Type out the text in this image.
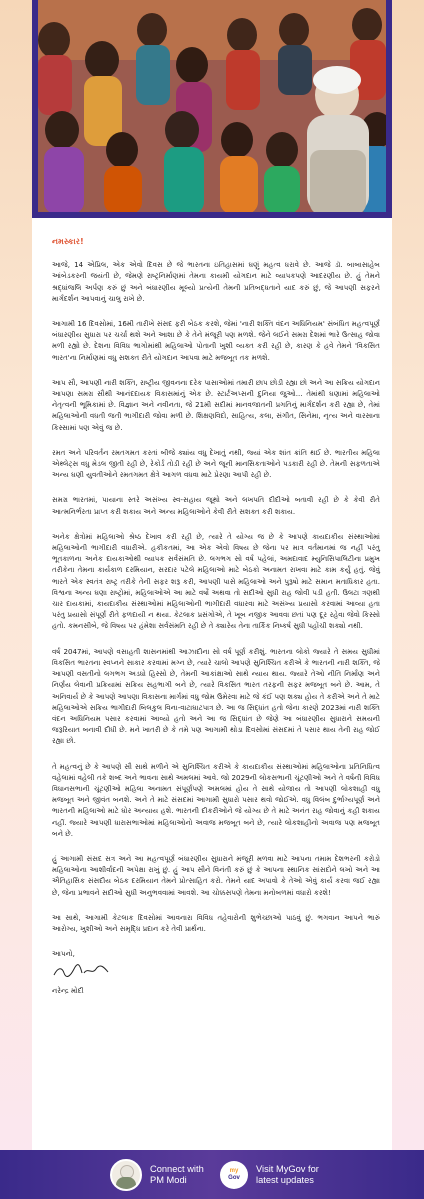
નમસ્કાર!

આજે, 14 એપ્રિલ, એક એવો દિવસ છે જે ભારતના ઇતિહાસમાં ઘણું મહત્વ ધરાવે છે. આજે ડૉ. બાબાસાહેબ આંબેડકરની જયંતી છે, જેમણે રાષ્ટ્રનિર્માણમાં તેમના કાયમી યોગદાન માટે વ્યાપકપણે આદરણીય છે. હું તેમને શ્રદ્ધાંજલિ અર્પણ કરું છું અને બંધારણીય મૂલ્યો પ્રત્યેની તેમની પ્રતિબદ્ધતાને યાદ કરું છું, જે આપણી સફરને માર્ગદર્શન આપવાનું ચાલુ રાખે છે.

આગામી 16 દિવસોમાં, 16મી તારીખે સંસદ ફરી બેઠક કરશે, જેમાં 'નારી શક્તિ વંદન અધિનિયમ' સંબંધિત મહત્વપૂર્ણ બંધારણીય સુધારા પર ચર્ચા થશે અને આશા છે કે તેને મંજૂરી પણ મળશે. જેને લઈને સમગ્ર દેશમાં ભારે ઉત્સાહ જોવા મળી રહ્યો છે. દેશના વિવિધ ભાગોમાંથી મહિલાઓ પોતાની ખુશી વ્યક્ત કરી રહી છે, કારણ કે હવે તેમને 'વિકસિત ભારત'ના નિર્માણમાં વધુ સશક્ત રીતે યોગદાન આપવા માટે મજબૂત તક મળશે.

આપ સૌ, આપણી નારી શક્તિ, રાષ્ટ્રીય જીવનના દરેક પાસાઓમાં તમારી છાપ છોડી રહ્યા છો અને આ સક્રિય યોગદાન આપણા સમગ્ર સૌથી આનંદદાયક વિકાસમાંનું એક છે. સ્ટાર્ટઅપ્સની દુનિયા જુઓ... તેમાંથી ઘણામાં મહિલાઓ નેતૃત્વની ભૂમિકામાં છે. વિજ્ઞાન અને નવીનતા, જે 21મી સદીમાં માનવજાતની પ્રગતિનું માર્ગદર્શન કરી રહ્યા છે, તેમાં મહિલાઓની વધતી જતી ભાગીદારી જોવા મળી છે. શિક્ષણવિદો, સાહિત્ય, કલા, સંગીત, સિનેમા, નૃત્ય અને વારસાના કિસ્સામાં પણ એવું જ છે.

રમત અને પરિવર્તન રમતગમત કરતાં બીજે ક્યાંય વધુ દેખાતું નથી, જ્યાં એક શાંત ક્રાંતિ થઈ છે. ભારતીય મહિલા એથ્લેટ્સ વધુ મેડલ જીતી રહી છે, રેકોર્ડ તોડી રહી છે અને જૂની માનસિકતાઓને પડકારી રહી છે. તેમની સફળતાએ અન્ય ઘણી યુવતીઓને રમતગમત ક્ષેત્રે આગળ વધવા માટે પ્રેરણા આપી રહી છે.

સમગ્ર ભારતમાં, પાયાના સ્તરે અસંખ્ય સ્વ-સહાય જૂથો અને લખપતિ દીદીઓ બતાવી રહી છે કે કેવી રીતે આત્મનિર્ભરતા પ્રાપ્ત કરી શકાય અને અન્ય મહિલાઓને કેવી રીતે સશક્ત કરી શકાય.

અનેક ક્ષેત્રોમાં મહિલાઓ શ્રેષ્ઠ દેખાવ કરી રહી છે, ત્યારે તે યોગ્ય જ છે કે આપણે કાયદાકીય સંસ્થાઓમાં મહિલાઓની ભાગીદારી વધારીએ. હકીકતમાં, આ એક એવો વિષય છે જેના પર માત્ર વર્તમાનમાં જ નહીં પરંતુ ભૂતકાળના અનેક દાયકાઓથી વ્યાપક સર્વસંમતિ છે. લગભગ સો વર્ષ પહેલાં, અમદાવાદ મ્યુનિસિપાલિટીના પ્રમુખ તરીકેના તેમના કાર્યકાળ દરમિયાન, સરદાર પટેલે મહિલાઓ માટે બેઠકો અનામત રાખવા માટે કામ કર્યું હતું. જેવું ભારતે એક સ્વતંત્ર રાષ્ટ્ર તરીકે તેની સફર શરૂ કરી, આપણી પાસે મહિલાઓ અને પુરૂષો માટે સમાન મતાધિકાર હતા. વિશ્વના અન્ય ઘણા રાષ્ટ્રોમાં, મહિલાઓએ આ માટે વર્ષો અથવા તો સદીઓ સુધી રાહ જોવી પડી હતી. ઉલટા ત્રણથી ચાર દાયકામાં, કાયદાકીય સંસ્થાઓમાં મહિલાઓની ભાગીદારી વધારવા માટે અસંખ્ય પ્રયાસો કરવામાં આવ્યા હતા પરંતુ પ્રયાસો સંપૂર્ણ રીતે ફળદાયી ન થયા. કેટલાક પ્રસંગોએ, તે ખૂબ નજીક આવવા છતાં પણ દૂર રહેવા જેવો કિસ્સો હતો. કમનસીબે, જે વિષય પર હંમેશા સર્વસંમતિ રહી છે તે ક્યારેય તેના તાર્કિક નિષ્કર્ષ સુધી પહોંચી શક્યો નથી.

વર્ષ 2047માં, આપણે વસાહતી શાસનમાંથી આઝાદીના સો વર્ષ પૂર્ણ કરીશું. ભારતના લોકો જ્યારે તે સમય સુધીમાં વિકસિત ભારતના સ્વપ્નને સાકાર કરવામાં મગ્ન છે, ત્યારે ચાલો આપણે સુનિશ્ચિત કરીએ કે ભારતની નારી શક્તિ, જે આપણી વસતીનો લગભગ અડધો હિસ્સો છે, તેમની આકાંક્ષાઓ સાથે ન્યાય થાય. જ્યારે તેઓ નીતિ નિર્માણ અને નિર્ણય લેવાની પ્રક્રિયામાં સક્રિય સહભાગી બને છે, ત્યારે વિકસિત ભારત તરફની સફર મજબૂત બને છે. આમ, તે અનિવાર્ય છે કે આપણે આપણા વિકાસના માર્ગમાં વધુ જોમ ઉમેરવા માટે જે કંઈ પણ શક્ય હોય તે કરીએ અને તે માટે મહિલાઓએ સક્રિય ભાગીદારી બિલકુલ વિના-વાટાઘાટપાત્ર છે. આ જ સિદ્ધાંત હતો જેના કારણે 2023માં નારી શક્તિ વંદન અધિનિયમ પસાર કરવામાં આવ્યો હતો અને આ જ સિદ્ધાંત છે જેણે આ બંધારણીય સુધારાને સમયની જરૂરિયાત બનાવી દીધી છે. મને ખાતરી છે કે તમે પણ આગામી થોડા દિવસોમાં સંસદમાં તે પસાર થાય તેની રાહ જોઈ રહ્યા છો.

તે મહત્વનું છે કે આપણે સૌ સાથે મળીને એ સુનિશ્ચિત કરીએ કે કાયદાકીય સંસ્થાઓમાં મહિલાઓના પ્રતિનિધિત્વ વહેલામાં વહેલી તકે શબ્દ અને ભાવના સાથે અમલમાં આવે. જો 2029ની લોકસભાની ચૂંટણીઓ અને તે વર્ષની વિવિધ વિધાનસભાની ચૂંટણીઓ મહિલા અનામત સંપૂર્ણપણે અમલમાં હોય તે સાથે યોજાય તો આપણી લોકશાહી વધુ મજબૂત અને જીવંત બનશે. અને તે માટે સંસદમાં આગામી સુધારો પસાર થવો જોઈએ. વધુ વિલંબ દુર્ભાગ્યપૂર્ણ અને ભારતની મહિલાઓ માટે ઘોર અન્યાય હશે. ભારતની દીકરીઓને જે યોગ્ય છે તે માટે અનંત રાહ જોવાનું કહી શકાય નહીં. જ્યારે આપણી ધારાસભાઓમાં મહિલાઓનો અવાજ મજબૂત બને છે, ત્યારે લોકશાહીનો અવાજ પણ મજબૂત બને છે.

હું આગામી સંસદ સત્ર અને આ મહત્વપૂર્ણ બંધારણીય સુધારાને મંજૂરી મળવા માટે આપના તમામ દેશભરની કરોડો મહિલાઓના આશીર્વાદની અપેક્ષા રાખું છું. હું આપ સૌને વિનંતી કરું છું કે આપના સ્થાનિક સાંસદોને લખો અને આ ઐતિહાસિક સંસદીય બેઠક દરમિયાન તેમને પ્રોત્સાહિત કરો. તેમને યાદ અપાવો કે તેઓ એવું કાર્ય કરવા જઈ રહ્યા છે, જેના પ્રભાવને સદીઓ સુધી અનુભવવામાં આવશે. આ ચોક્કસપણે તેમના મનોબળમાં વધારો કરશે!

આ સાથે, આગામી કેટલાક દિવસોમાં આવનારા વિવિધ તહેવારોની શુભેચ્છાઓ પાઠવું છું. ભગવાન આપને ભારું આરોગ્ય, ખુશીઓ અને સમૃદ્ધિ પ્રદાન કરે તેવી પ્રાર્થના.

આપનો,

નરેન્દ્ર મોદી

Connect with
PM Modi
my
Gov
Visit MyGov for
latest updates
